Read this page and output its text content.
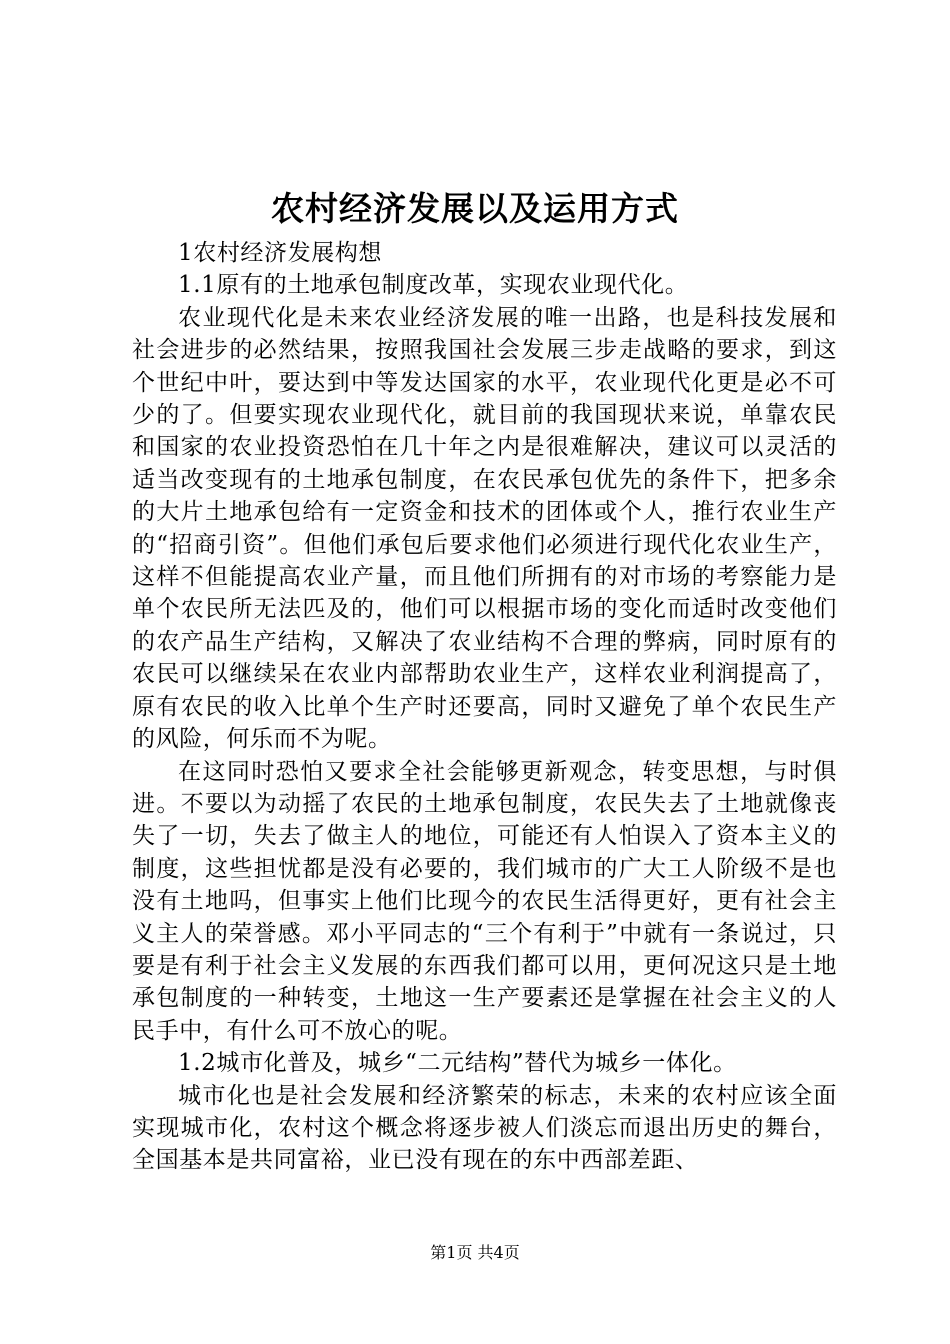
农村经济发展以及运用方式

1农村经济发展构想

1.1原有的土地承包制度改革，实现农业现代化。

农业现代化是未来农业经济发展的唯一出路，也是科技发展和社会进步的必然结果，按照我国社会发展三步走战略的要求，到这个世纪中叶，要达到中等发达国家的水平，农业现代化更是必不可少的了。但要实现农业现代化，就目前的我国现状来说，单靠农民和国家的农业投资恐怕在几十年之内是很难解决，建议可以灵活的适当改变现有的土地承包制度，在农民承包优先的条件下，把多余的大片土地承包给有一定资金和技术的团体或个人，推行农业生产的“招商引资”。但他们承包后要求他们必须进行现代化农业生产，这样不但能提高农业产量，而且他们所拥有的对市场的考察能力是单个农民所无法匹及的，他们可以根据市场的变化而适时改变他们的农产品生产结构，又解决了农业结构不合理的弊病，同时原有的农民可以继续呆在农业内部帮助农业生产，这样农业利润提高了，原有农民的收入比单个生产时还要高，同时又避免了单个农民生产的风险，何乐而不为呢。

在这同时恐怕又要求全社会能够更新观念，转变思想，与时俱进。不要以为动摇了农民的土地承包制度，农民失去了土地就像丧失了一切，失去了做主人的地位，可能还有人怕误入了资本主义的制度，这些担忧都是没有必要的，我们城市的广大工人阶级不是也没有土地吗，但事实上他们比现今的农民生活得更好，更有社会主义主人的荣誉感。邓小平同志的“三个有利于”中就有一条说过，只要是有利于社会主义发展的东西我们都可以用，更何况这只是土地承包制度的一种转变，土地这一生产要素还是掌握在社会主义的人民手中，有什么可不放心的呢。

1.2城市化普及，城乡“二元结构”替代为城乡一体化。

城市化也是社会发展和经济繁荣的标志，未来的农村应该全面实现城市化，农村这个概念将逐步被人们淡忘而退出历史的舞台，全国基本是共同富裕，业已没有现在的东中西部差距、

第1页 共4页
